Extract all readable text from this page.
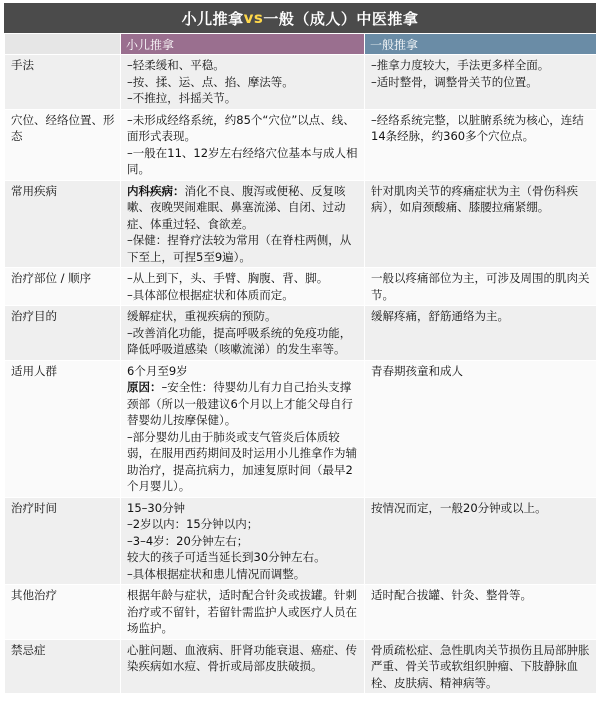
小儿推拿 vs 一般（成人）中医推拿
	小儿推拿	一般推拿
手法	–轻柔缓和、平稳。
–按、揉、运、点、掐、摩法等。
–不推拉，抖摇关节。	–推拿力度较大，手法更多样全面。
–适时整骨，调整骨关节的位置。

穴位、经络位置、形态	–未形成经络系统，约85个“穴位”以点、线、面形式表现。
–一般在11、12岁左右经络穴位基本与成人相同。	–经络系统完整，以脏腑系统为核心，连结14条经脉，约360多个穴位点。

常用疾病	内科疾病：消化不良、腹泻或便秘、反复咳嗽、夜晚哭闹难眠、鼻塞流涕、自闭、过动症、体重过轻、食欲差。
–保健：捏脊疗法较为常用（在脊柱两侧，从下至上，可捏5至9遍）。	针对肌肉关节的疼痛症状为主（骨伤科疾病），如肩颈酸痛、膝腰拉痛紧绷。

治疗部位 / 顺序	–从上到下，头、手臂、胸腹、背、脚。
–具体部位根据症状和体质而定。	一般以疼痛部位为主，可涉及周围的肌肉关节。

治疗目的	缓解症状，重视疾病的预防。
–改善消化功能，提高呼吸系统的免疫功能，降低呼吸道感染（咳嗽流涕）的发生率等。	缓解疼痛，舒筋通络为主。

适用人群	6个月至9岁
原因：–安全性：待婴幼儿有力自己抬头支撑颈部（所以一般建议6个月以上才能父母自行替婴幼儿按摩保健）。
–部分婴幼儿由于肺炎或支气管炎后体质较弱，在服用西药期间及时运用小儿推拿作为辅助治疗，提高抗病力，加速复原时间（最早2个月婴儿）。	青春期孩童和成人

治疗时间	15–30分钟
–2岁以内：15分钟以内；
–3–4岁：20分钟左右；
较大的孩子可适当延长到30分钟左右。
–具体根据症状和患儿情况而调整。	按情况而定，一般20分钟或以上。

其他治疗	根据年龄与症状，适时配合针灸或拔罐。针刺治疗或不留针，若留针需监护人或医疗人员在场监护。	适时配合拔罐、针灸、整骨等。

禁忌症	心脏问题、血液病、肝肾功能衰退、癌症、传染疾病如水痘、骨折或局部皮肤破损。	骨质疏松症、急性肌肉关节损伤且局部肿胀严重、骨关节或软组织肿瘤、下肢静脉血栓、皮肤病、精神病等。
